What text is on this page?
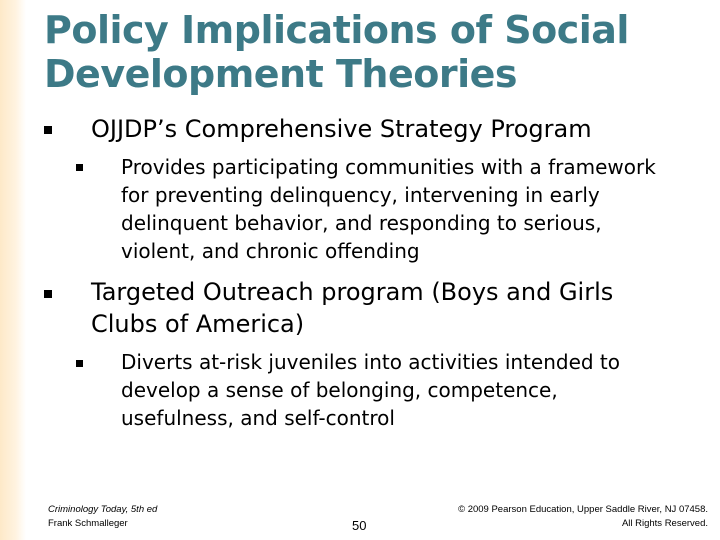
Policy Implications of Social
Development Theories
OJJDP’s Comprehensive Strategy Program
Provides participating communities with a framework for preventing delinquency, intervening in early delinquent behavior, and responding to serious, violent, and chronic offending
Targeted Outreach program (Boys and Girls Clubs of America)
Diverts at-risk juveniles into activities intended to develop a sense of belonging, competence, usefulness, and self-control
Criminology Today, 5th ed
Frank Schmalleger	50
© 2009 Pearson Education, Upper Saddle River, NJ 07458.
All Rights Reserved.
